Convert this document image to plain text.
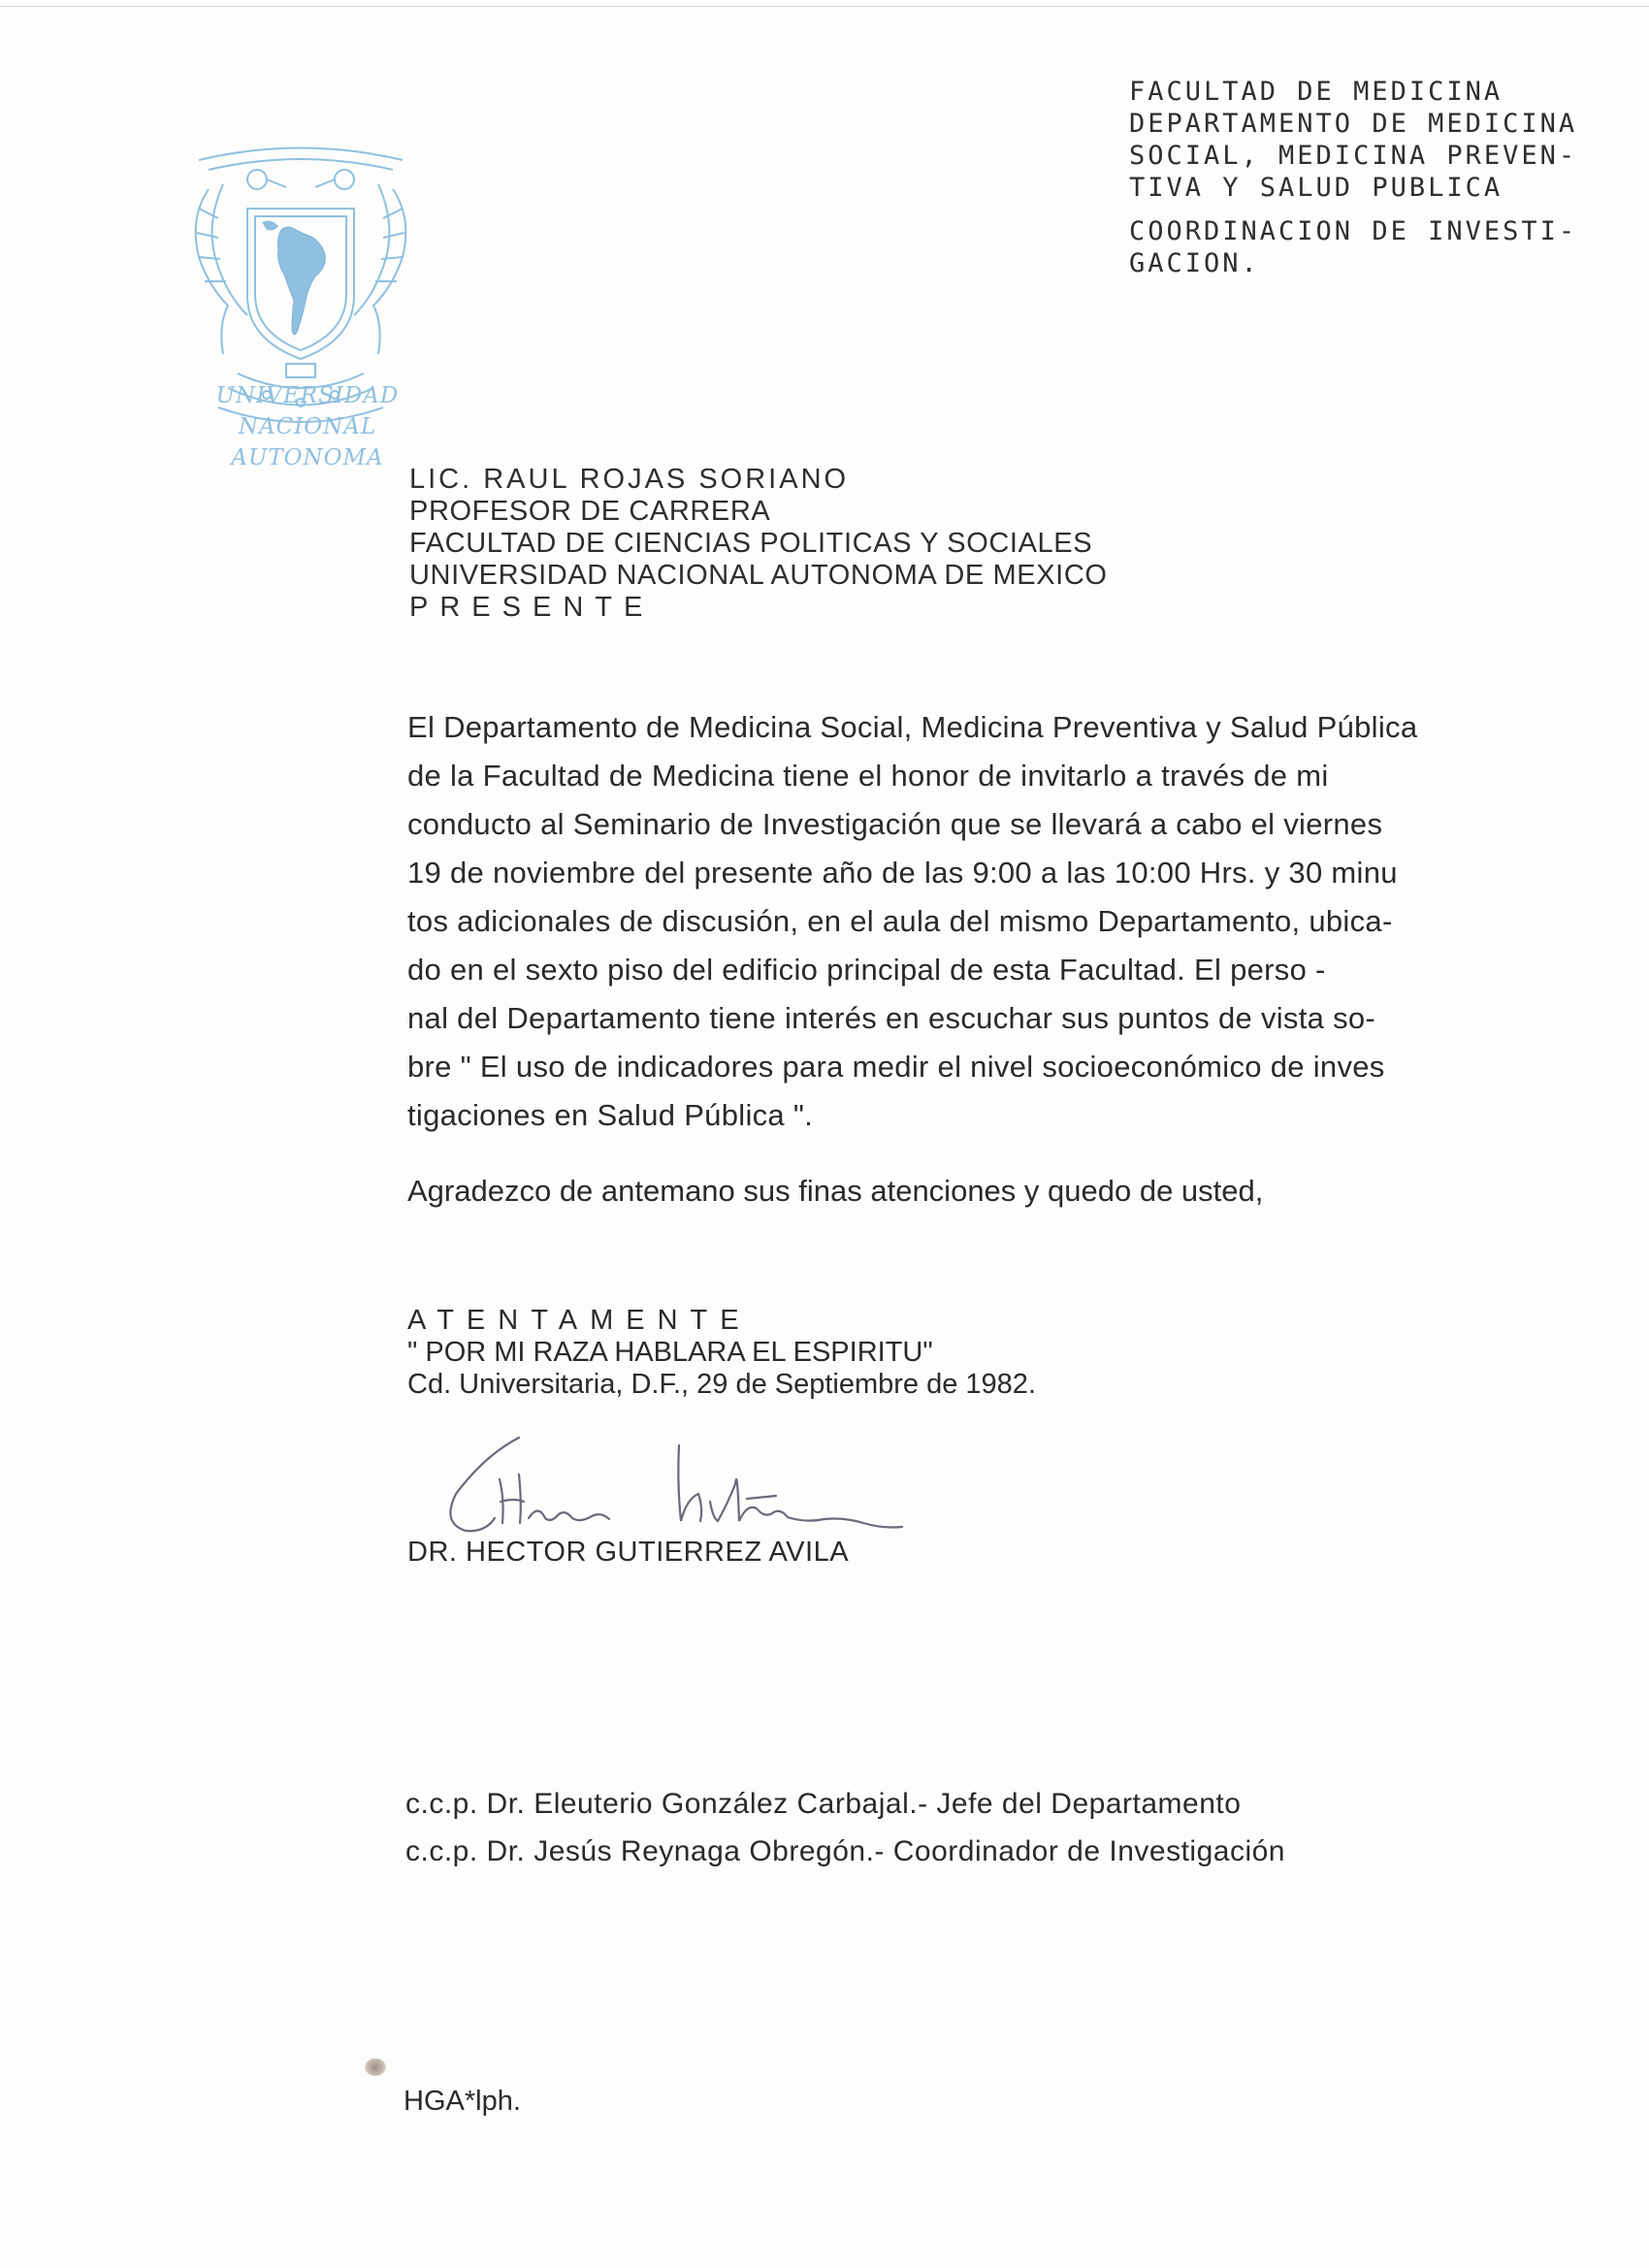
FACULTAD DE MEDICINA
DEPARTAMENTO DE MEDICINA
SOCIAL, MEDICINA PREVEN-
TIVA Y SALUD PUBLICA
COORDINACION DE INVESTI-
GACION.
UNIVERSIDAD NACIONAL
AUTONOMA
LIC. RAUL ROJAS SORIANO
PROFESOR DE CARRERA
FACULTAD DE CIENCIAS POLITICAS Y SOCIALES
UNIVERSIDAD NACIONAL AUTONOMA DE MEXICO
PRESENTE
El Departamento de Medicina Social, Medicina Preventiva y Salud Pública
de la Facultad de Medicina tiene el honor de invitarlo a través de mi
conducto al Seminario de Investigación que se llevará a cabo el viernes
19 de noviembre del presente año de las 9:00 a las 10:00 Hrs. y 30 minu
tos adicionales de discusión, en el aula del mismo Departamento, ubica-
do en el sexto piso del edificio principal de esta Facultad. El perso -
nal del Departamento tiene interés en escuchar sus puntos de vista so-
bre " El uso de indicadores para medir el nivel socioeconómico de inves
tigaciones en Salud Pública ".
Agradezco de antemano sus finas atenciones y quedo de usted,
ATENTAMENTE
" POR MI RAZA HABLARA EL ESPIRITU"
Cd. Universitaria, D.F., 29 de Septiembre de 1982.
DR. HECTOR GUTIERREZ AVILA
c.c.p. Dr. Eleuterio González Carbajal.- Jefe del Departamento
c.c.p. Dr. Jesús Reynaga Obregón.- Coordinador de Investigación
HGA*lph.
